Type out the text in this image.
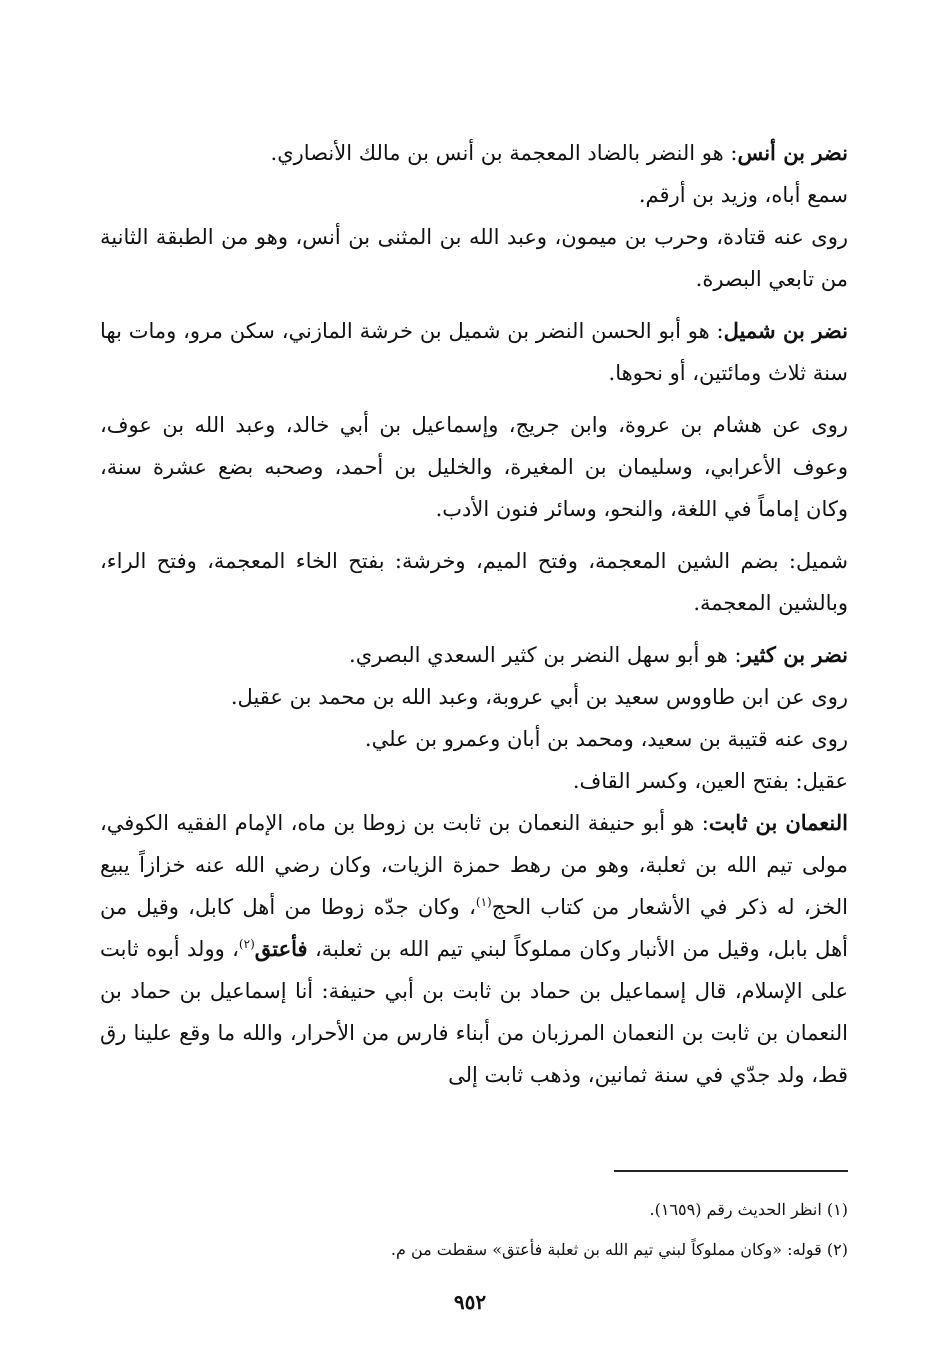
نضر بن أنس: هو النضر بالضاد المعجمة بن أنس بن مالك الأنصاري.

سمع أباه، وزيد بن أرقم.

روى عنه قتادة، وحرب بن ميمون، وعبد الله بن المثنى بن أنس، وهو من الطبقة الثانية من تابعي البصرة.

نضر بن شميل: هو أبو الحسن النضر بن شميل بن خرشة المازني، سكن مرو، ومات بها سنة ثلاث ومائتين، أو نحوها.

روى عن هشام بن عروة، وابن جريج، وإسماعيل بن أبي خالد، وعبد الله بن عوف، وعوف الأعرابي، وسليمان بن المغيرة، والخليل بن أحمد، وصحبه بضع عشرة سنة، وكان إماماً في اللغة، والنحو، وسائر فنون الأدب.

شميل: بضم الشين المعجمة، وفتح الميم، وخرشة: بفتح الخاء المعجمة، وفتح الراء، وبالشين المعجمة.

نضر بن كثير: هو أبو سهل النضر بن كثير السعدي البصري.

روى عن ابن طاووس سعيد بن أبي عروبة، وعبد الله بن محمد بن عقيل.

روى عنه قتيبة بن سعيد، ومحمد بن أبان وعمرو بن علي.

عقيل: بفتح العين، وكسر القاف.

النعمان بن ثابت: هو أبو حنيفة النعمان بن ثابت بن زوطا بن ماه، الإمام الفقيه الكوفي، مولى تيم الله بن ثعلبة، وهو من رهط حمزة الزيات، وكان رضي الله عنه خزازاً يبيع الخز، له ذكر في الأشعار من كتاب الحج$^{(١)}$، وكان جدّه زوطا من أهل كابل، وقيل من أهل بابل، وقيل من الأنبار وكان مملوكاً لبني تيم الله بن ثعلبة، فأعتق$^{(٢)}$، وولد أبوه ثابت على الإسلام، قال إسماعيل بن حماد بن ثابت بن أبي حنيفة: أنا إسماعيل بن حماد بن النعمان بن ثابت بن النعمان المرزبان من أبناء فارس من الأحرار، والله ما وقع علينا رق قط، ولد جدّي في سنة ثمانين، وذهب ثابت إلى

(١) انظر الحديث رقم (١٦٥٩).
(٢) قوله: «وكان مملوكاً لبني تيم الله بن ثعلبة فأعتق» سقطت من م.
٩٥٢
